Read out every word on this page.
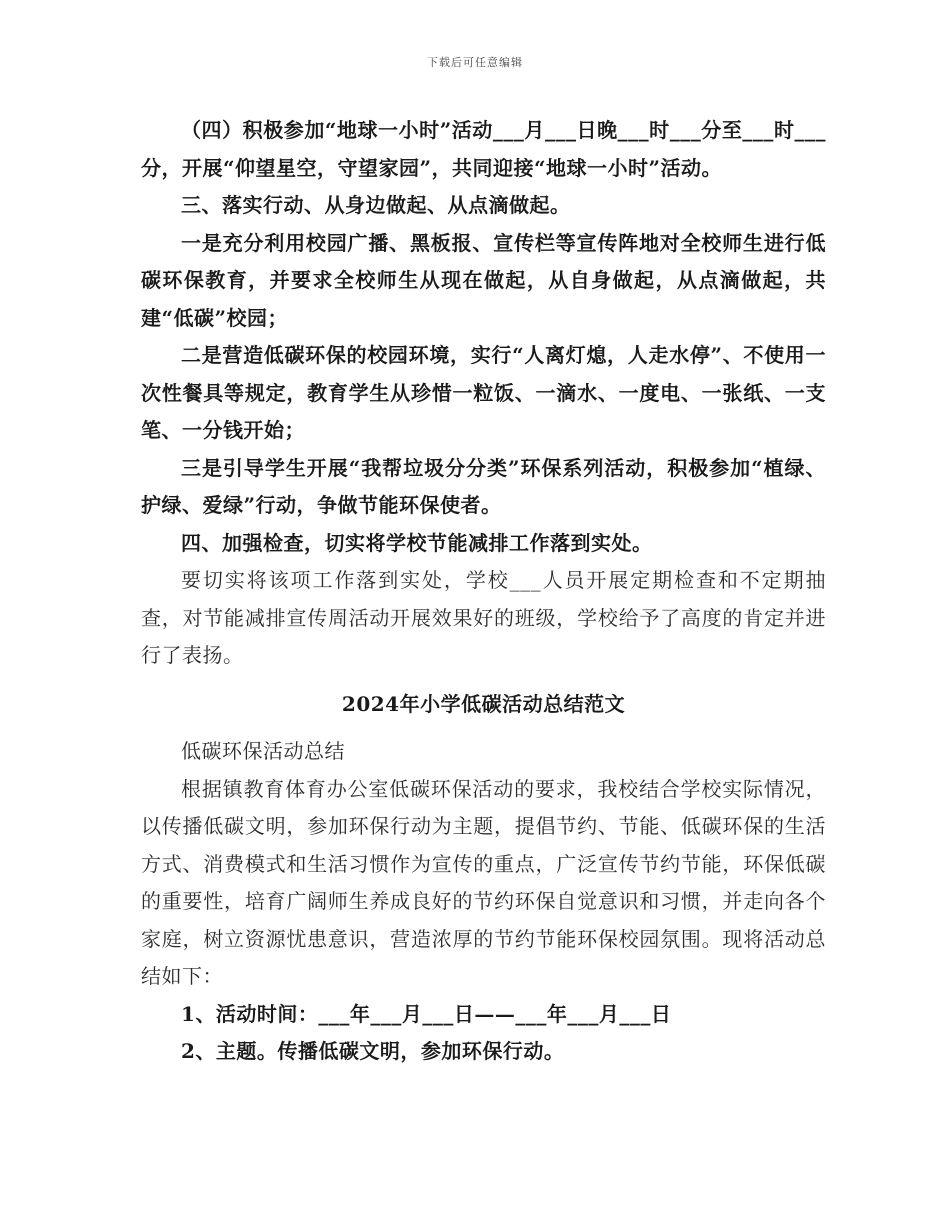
下载后可任意编辑

（四）积极参加“地球一小时”活动___月___日晚___时___分至___时___分，开展“仰望星空，守望家园”，共同迎接“地球一小时”活动。

三、落实行动、从身边做起、从点滴做起。

一是充分利用校园广播、黑板报、宣传栏等宣传阵地对全校师生进行低碳环保教育，并要求全校师生从现在做起，从自身做起，从点滴做起，共建“低碳”校园；

二是营造低碳环保的校园环境，实行“人离灯熄，人走水停”、不使用一次性餐具等规定，教育学生从珍惜一粒饭、一滴水、一度电、一张纸、一支笔、一分钱开始；

三是引导学生开展“我帮垃圾分分类”环保系列活动，积极参加“植绿、护绿、爱绿”行动，争做节能环保使者。

四、加强检查，切实将学校节能减排工作落到实处。

要切实将该项工作落到实处，学校___人员开展定期检查和不定期抽查，对节能减排宣传周活动开展效果好的班级，学校给予了高度的肯定并进行了表扬。

2024年小学低碳活动总结范文

低碳环保活动总结

根据镇教育体育办公室低碳环保活动的要求，我校结合学校实际情况，以传播低碳文明，参加环保行动为主题，提倡节约、节能、低碳环保的生活方式、消费模式和生活习惯作为宣传的重点，广泛宣传节约节能，环保低碳的重要性，培育广阔师生养成良好的节约环保自觉意识和习惯，并走向各个家庭，树立资源忧患意识，营造浓厚的节约节能环保校园氛围。现将活动总结如下：

1、活动时间：___年___月___日——___年___月___日

2、主题。传播低碳文明，参加环保行动。
